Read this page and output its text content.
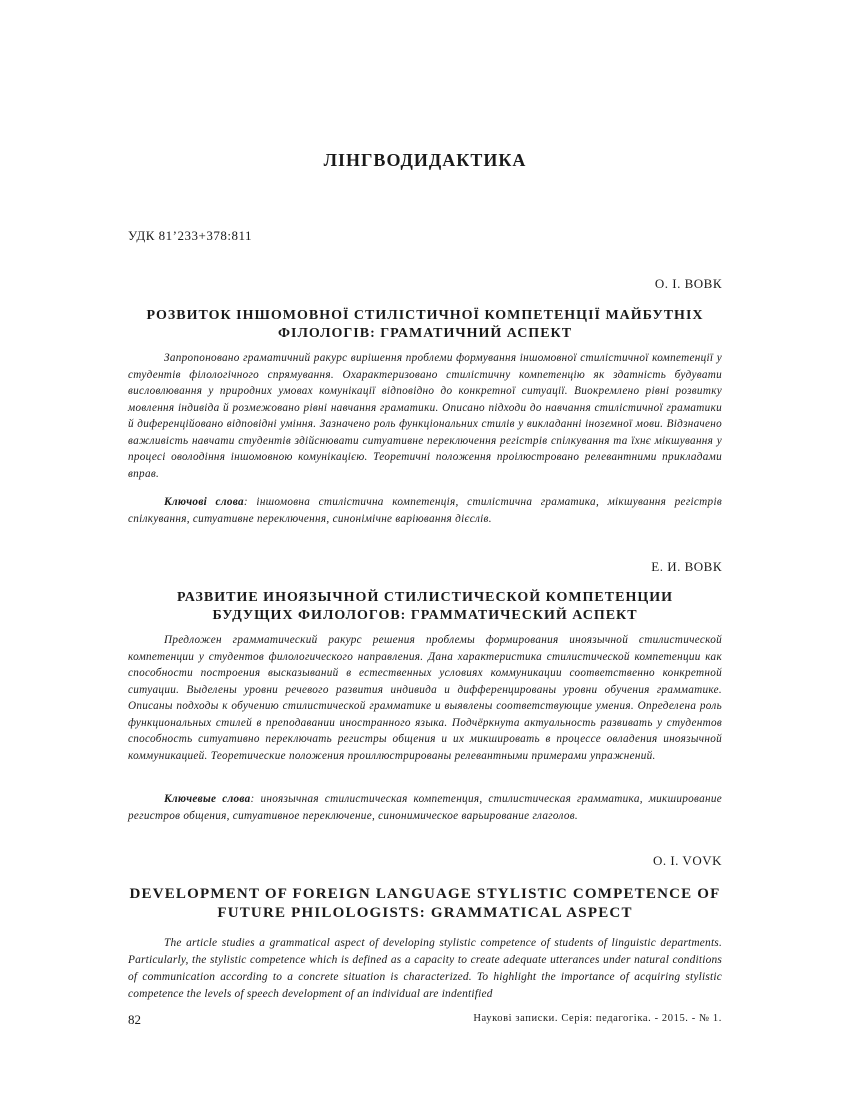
ЛІНГВОДИДАКТИКА
УДК 81’233+378:811
О. І. ВОВК
РОЗВИТОК ІНШОМОВНОЇ СТИЛІСТИЧНОЇ КОМПЕТЕНЦІЇ МАЙБУТНІХ
ФІЛОЛОГІВ: ГРАМАТИЧНИЙ АСПЕКТ
Запропоновано граматичний ракурс вирішення проблеми формування іншомовної стилістичної компетенції у студентів філологічного спрямування. Охарактеризовано стилістичну компетенцію як здатність будувати висловлювання у природних умовах комунікації відповідно до конкретної ситуації. Виокремлено рівні розвитку мовлення індивіда й розмежовано рівні навчання граматики. Описано підходи до навчання стилістичної граматики й диференційовано відповідні уміння. Зазначено роль функціональних стилів у викладанні іноземної мови. Відзначено важливість навчати студентів здійснювати ситуативне переключення регістрів спілкування та їхнє мікшування у процесі оволодіння іншомовною комунікацією. Теоретичні положення проілюстровано релевантними прикладами вправ.
Ключові слова: іншомовна стилістична компетенція, стилістична граматика, мікшування регістрів спілкування, ситуативне переключення, синонімічне варіювання дієслів.
Е. И. ВОВК
РАЗВИТИЕ ИНОЯЗЫЧНОЙ СТИЛИСТИЧЕСКОЙ КОМПЕТЕНЦИИ
БУДУЩИХ ФИЛОЛОГОВ: ГРАММАТИЧЕСКИЙ АСПЕКТ
Предложен грамматический ракурс решения проблемы формирования иноязычной стилистической компетенции у студентов филологического направления. Дана характеристика стилистической компетенции как способности построения высказываний в естественных условиях коммуникации соответственно конкретной ситуации. Выделены уровни речевого развития индивида и дифференцированы уровни обучения грамматике. Описаны подходы к обучению стилистической грамматике и выявлены соответствующие умения. Определена роль функциональных стилей в преподавании иностранного языка. Подчёркнута актуальность развивать у студентов способность ситуативно переключать регистры общения и их микшировать в процессе овладения иноязычной коммуникацией. Теоретические положения проиллюстрированы релевантными примерами упражнений.
Ключевые слова: иноязычная стилистическая компетенция, стилистическая грамматика, микширование регистров общения, ситуативное переключение, синонимическое варьирование глаголов.
O. I. VOVK
DEVELOPMENT OF FOREIGN LANGUAGE STYLISTIC COMPETENCE OF
FUTURE PHILOLOGISTS: GRAMMATICAL ASPECT
The article studies a grammatical aspect of developing stylistic competence of students of linguistic departments. Particularly, the stylistic competence which is defined as a capacity to create adequate utterances under natural conditions of communication according to a concrete situation is characterized. To highlight the importance of acquiring stylistic competence the levels of speech development of an individual are indentified
82	Наукові записки. Серія: педагогіка. - 2015. - № 1.
